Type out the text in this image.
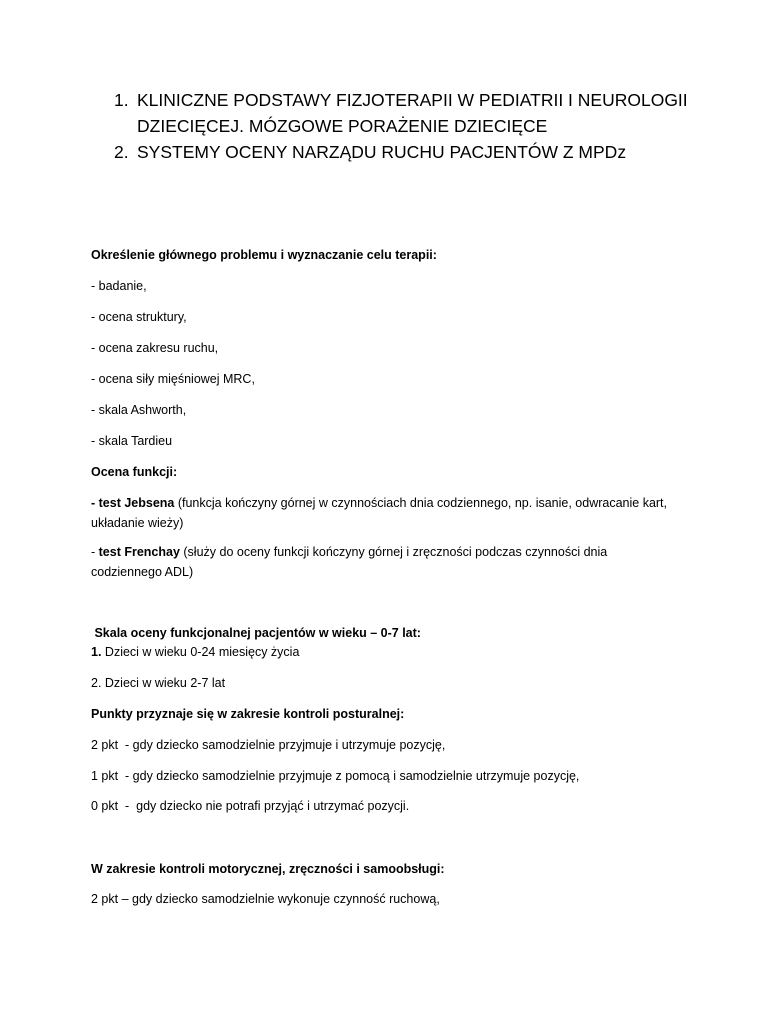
1. KLINICZNE PODSTAWY FIZJOTERAPII W PEDIATRII I NEUROLOGII
DZIECIĘCEJ. MÓZGOWE PORAŻENIE DZIECIĘCE
2. SYSTEMY OCENY NARZĄDU RUCHU PACJENTÓW Z MPDz
Określenie głównego problemu i wyznaczanie celu terapii:
- badanie,
- ocena struktury,
- ocena zakresu ruchu,
- ocena siły mięśniowej MRC,
- skala Ashworth,
- skala Tardieu
Ocena funkcji:
- test Jebsena (funkcja kończyny górnej w czynnościach dnia codziennego, np. isanie, odwracanie kart, układanie wieży)
- test Frenchay (służy do oceny funkcji kończyny górnej i zręczności podczas czynności dnia codziennego ADL)
Skala oceny funkcjonalnej pacjentów w wieku – 0-7 lat:
1. Dzieci w wieku 0-24 miesięcy życia
2. Dzieci w wieku 2-7 lat
Punkty przyznaje się w zakresie kontroli posturalnej:
2 pkt  - gdy dziecko samodzielnie przyjmuje i utrzymuje pozycję,
1 pkt  - gdy dziecko samodzielnie przyjmuje z pomocą i samodzielnie utrzymuje pozycję,
0 pkt  -  gdy dziecko nie potrafi przyjąć i utrzymać pozycji.
W zakresie kontroli motorycznej, zręczności i samoobsługi:
2 pkt – gdy dziecko samodzielnie wykonuje czynność ruchową,
